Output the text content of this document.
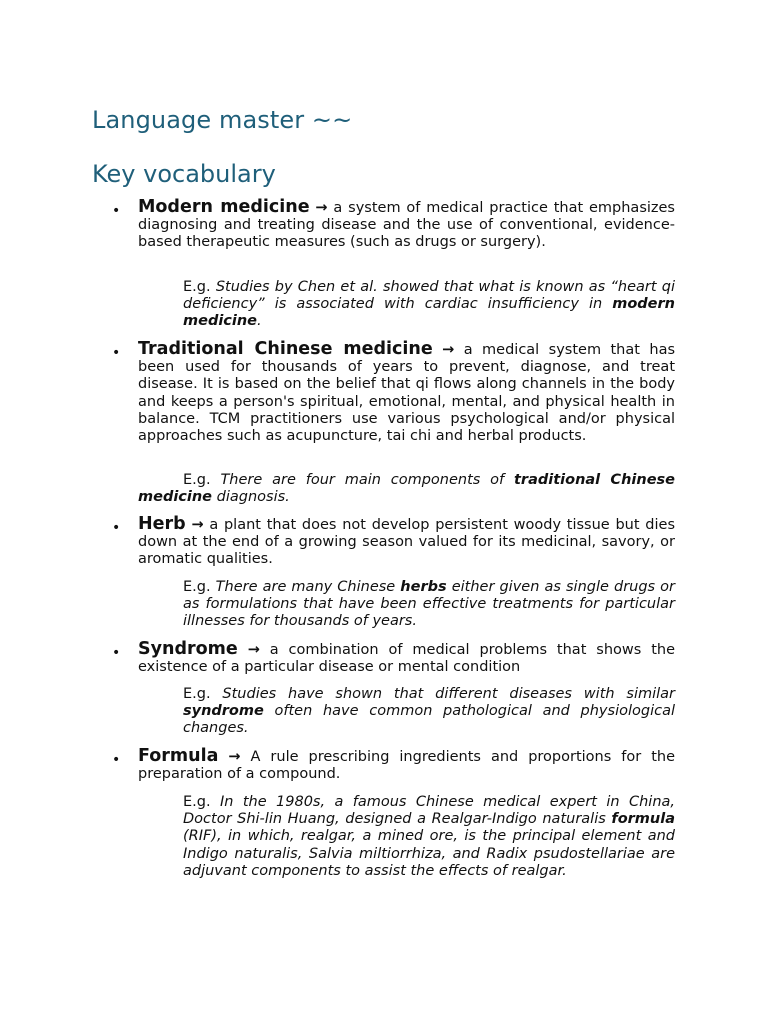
Language master ~~
Key vocabulary
• Modern medicine → a system of medical practice that emphasizes diagnosing and treating disease and the use of conventional, evidence-based therapeutic measures (such as drugs or surgery).
E.g. Studies by Chen et al. showed that what is known as “heart qi deficiency” is associated with cardiac insufficiency in modern medicine.
• Traditional Chinese medicine → a medical system that has been used for thousands of years to prevent, diagnose, and treat disease. It is based on the belief that qi flows along channels in the body and keeps a person's spiritual, emotional, mental, and physical health in balance. TCM practitioners use various psychological and/or physical approaches such as acupuncture, tai chi and herbal products.
E.g. There are four main components of traditional Chinese medicine diagnosis.
• Herb → a plant that does not develop persistent woody tissue but dies down at the end of a growing season valued for its medicinal, savory, or aromatic qualities.
E.g. There are many Chinese herbs either given as single drugs or as formulations that have been effective treatments for particular illnesses for thousands of years.
• Syndrome → a combination of medical problems that shows the existence of a particular disease or mental condition
E.g. Studies have shown that different diseases with similar syndrome often have common pathological and physiological changes.
• Formula → A rule prescribing ingredients and proportions for the preparation of a compound.
E.g. In the 1980s, a famous Chinese medical expert in China, Doctor Shi-lin Huang, designed a Realgar-Indigo naturalis formula (RIF), in which, realgar, a mined ore, is the principal element and Indigo naturalis, Salvia miltiorrhiza, and Radix psudostellariae are adjuvant components to assist the effects of realgar.
